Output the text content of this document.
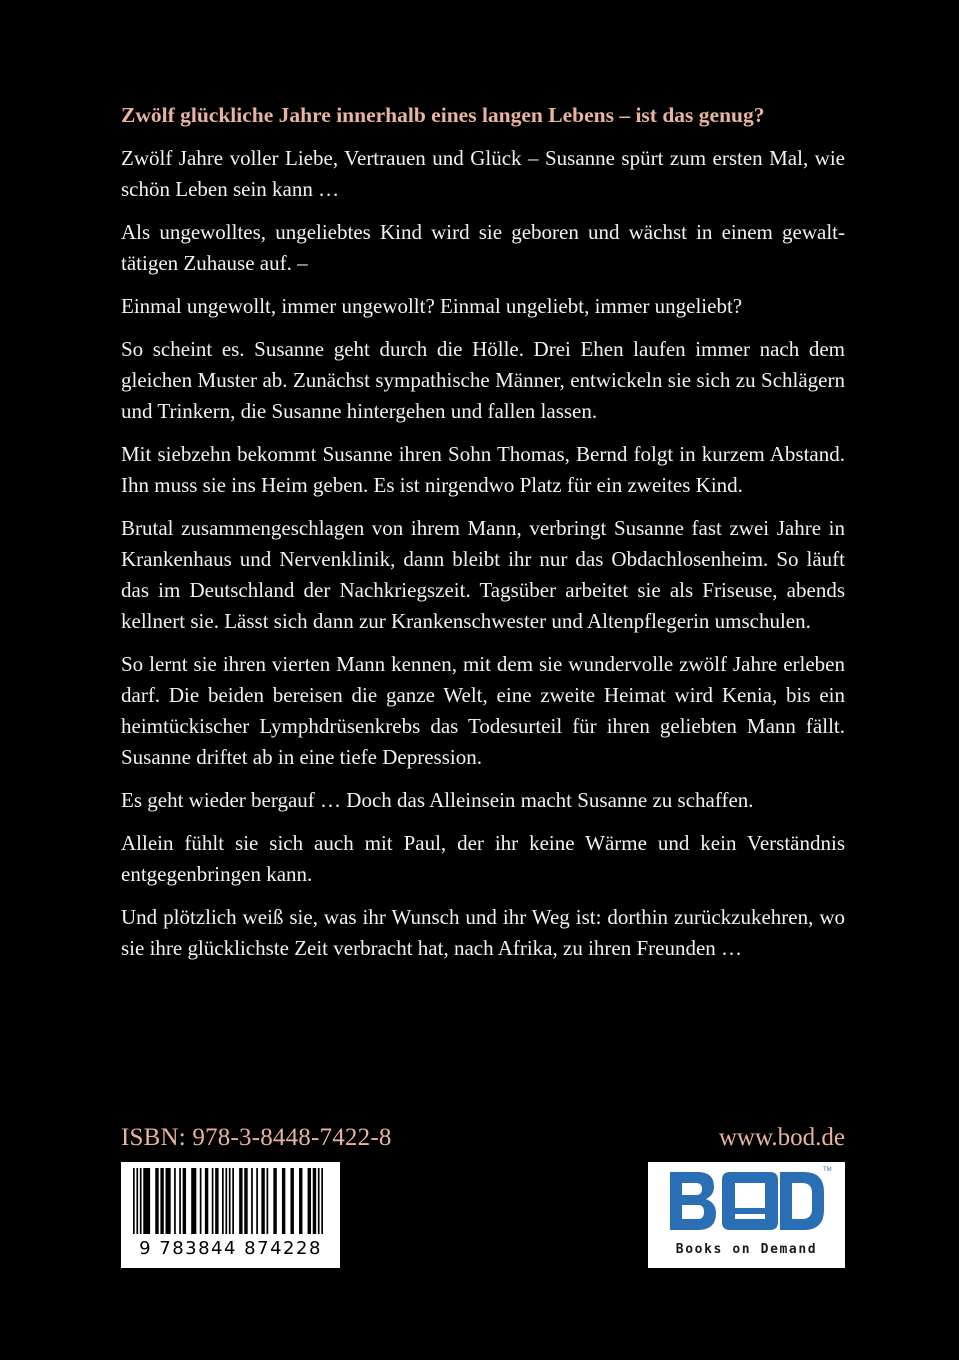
Zwölf glückliche Jahre innerhalb eines langen Lebens – ist das genug?

Zwölf Jahre voller Liebe, Vertrauen und Glück – Susanne spürt zum ersten Mal, wie schön Leben sein kann …

Als ungewolltes, ungeliebtes Kind wird sie geboren und wächst in einem gewalttätigen Zuhause auf. –

Einmal ungewollt, immer ungewollt? Einmal ungeliebt, immer ungeliebt?

So scheint es. Susanne geht durch die Hölle. Drei Ehen laufen immer nach dem gleichen Muster ab. Zunächst sympathische Männer, entwickeln sie sich zu Schlägern und Trinkern, die Susanne hintergehen und fallen lassen.

Mit siebzehn bekommt Susanne ihren Sohn Thomas, Bernd folgt in kurzem Abstand. Ihn muss sie ins Heim geben. Es ist nirgendwo Platz für ein zweites Kind.

Brutal zusammengeschlagen von ihrem Mann, verbringt Susanne fast zwei Jahre in Krankenhaus und Nervenklinik, dann bleibt ihr nur das Obdachlosenheim. So läuft das im Deutschland der Nachkriegszeit. Tagsüber arbeitet sie als Friseuse, abends kellnert sie. Lässt sich dann zur Krankenschwester und Altenpflegerin umschulen.

So lernt sie ihren vierten Mann kennen, mit dem sie wundervolle zwölf Jahre erleben darf. Die beiden bereisen die ganze Welt, eine zweite Heimat wird Kenia, bis ein heimtückischer Lymphdrüsenkrebs das Todesurteil für ihren geliebten Mann fällt. Susanne driftet ab in eine tiefe Depression.

Es geht wieder bergauf … Doch das Alleinsein macht Susanne zu schaffen.

Allein fühlt sie sich auch mit Paul, der ihr keine Wärme und kein Verständnis entgegenbringen kann.

Und plötzlich weiß sie, was ihr Wunsch und ihr Weg ist: dorthin zurückzukehren, wo sie ihre glücklichste Zeit verbracht hat, nach Afrika, zu ihren Freunden …

ISBN: 978-3-8448-7422-8	www.bod.de
9 783844 874228
TM
Books on Demand
